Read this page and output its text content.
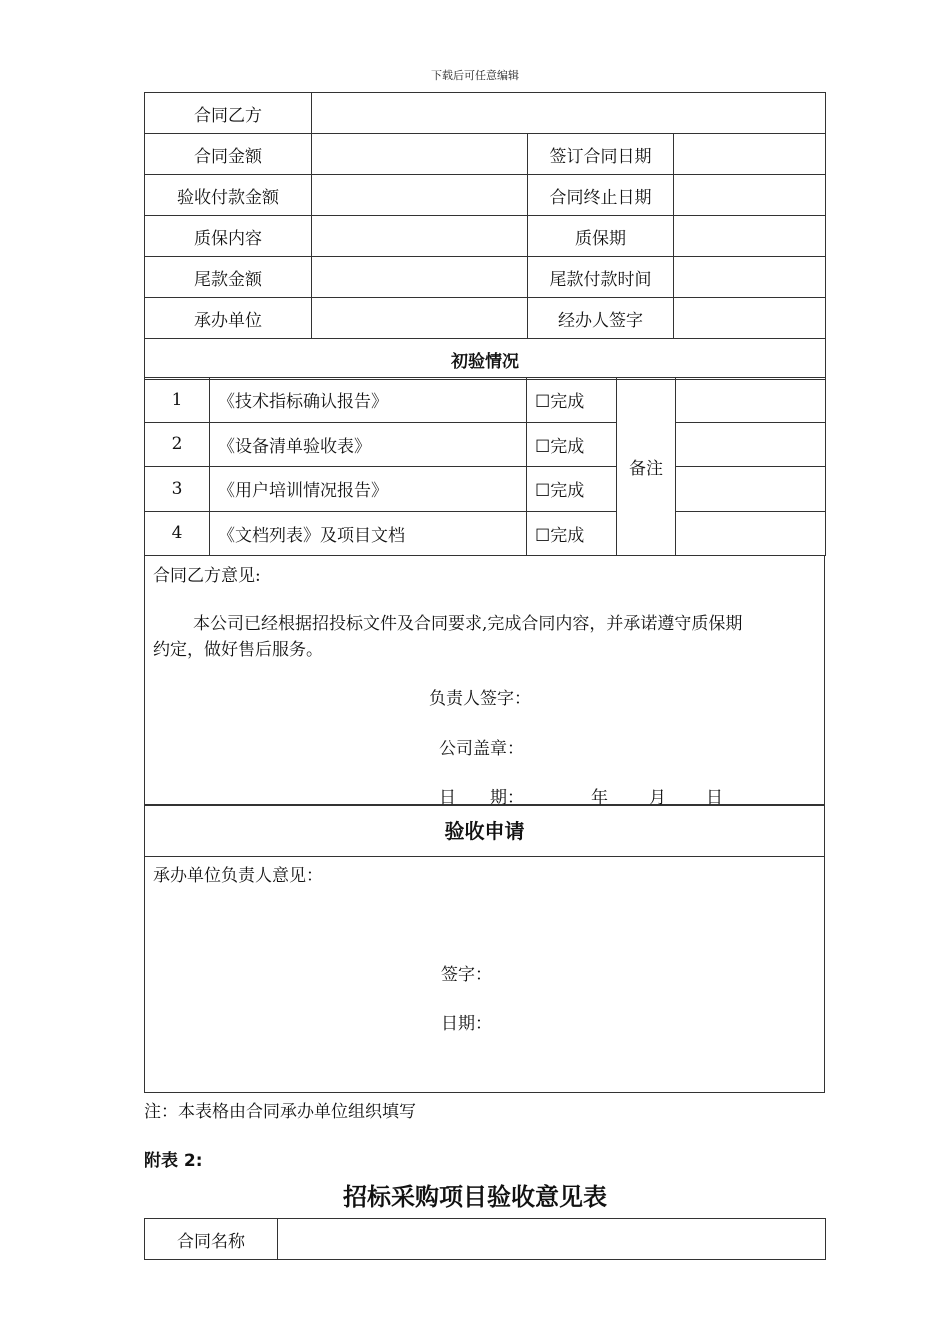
下载后可任意编辑
合同乙方			
合同金额		签订合同日期	
验收付款金额		合同终止日期	
质保内容		质保期	
尾款金额		尾款付款时间	
承办单位		经办人签字	
初验情况			
1	《技术指标确认报告》	☐完成	备注	
2	《设备清单验收表》	☐完成		
3	《用户培训情况报告》	☐完成		
4	《文档列表》及项目文档	☐完成		
合同乙方意见:
本公司已经根据招投标文件及合同要求,完成合同内容，并承诺遵守质保期
约定，做好售后服务。
负责人签字：
公司盖章：
日　　期：	年 月 日
验收申请
承办单位负责人意见：
签字：
日期：
注：本表格由合同承办单位组织填写
附表 2:
招标采购项目验收意见表
合同名称	
